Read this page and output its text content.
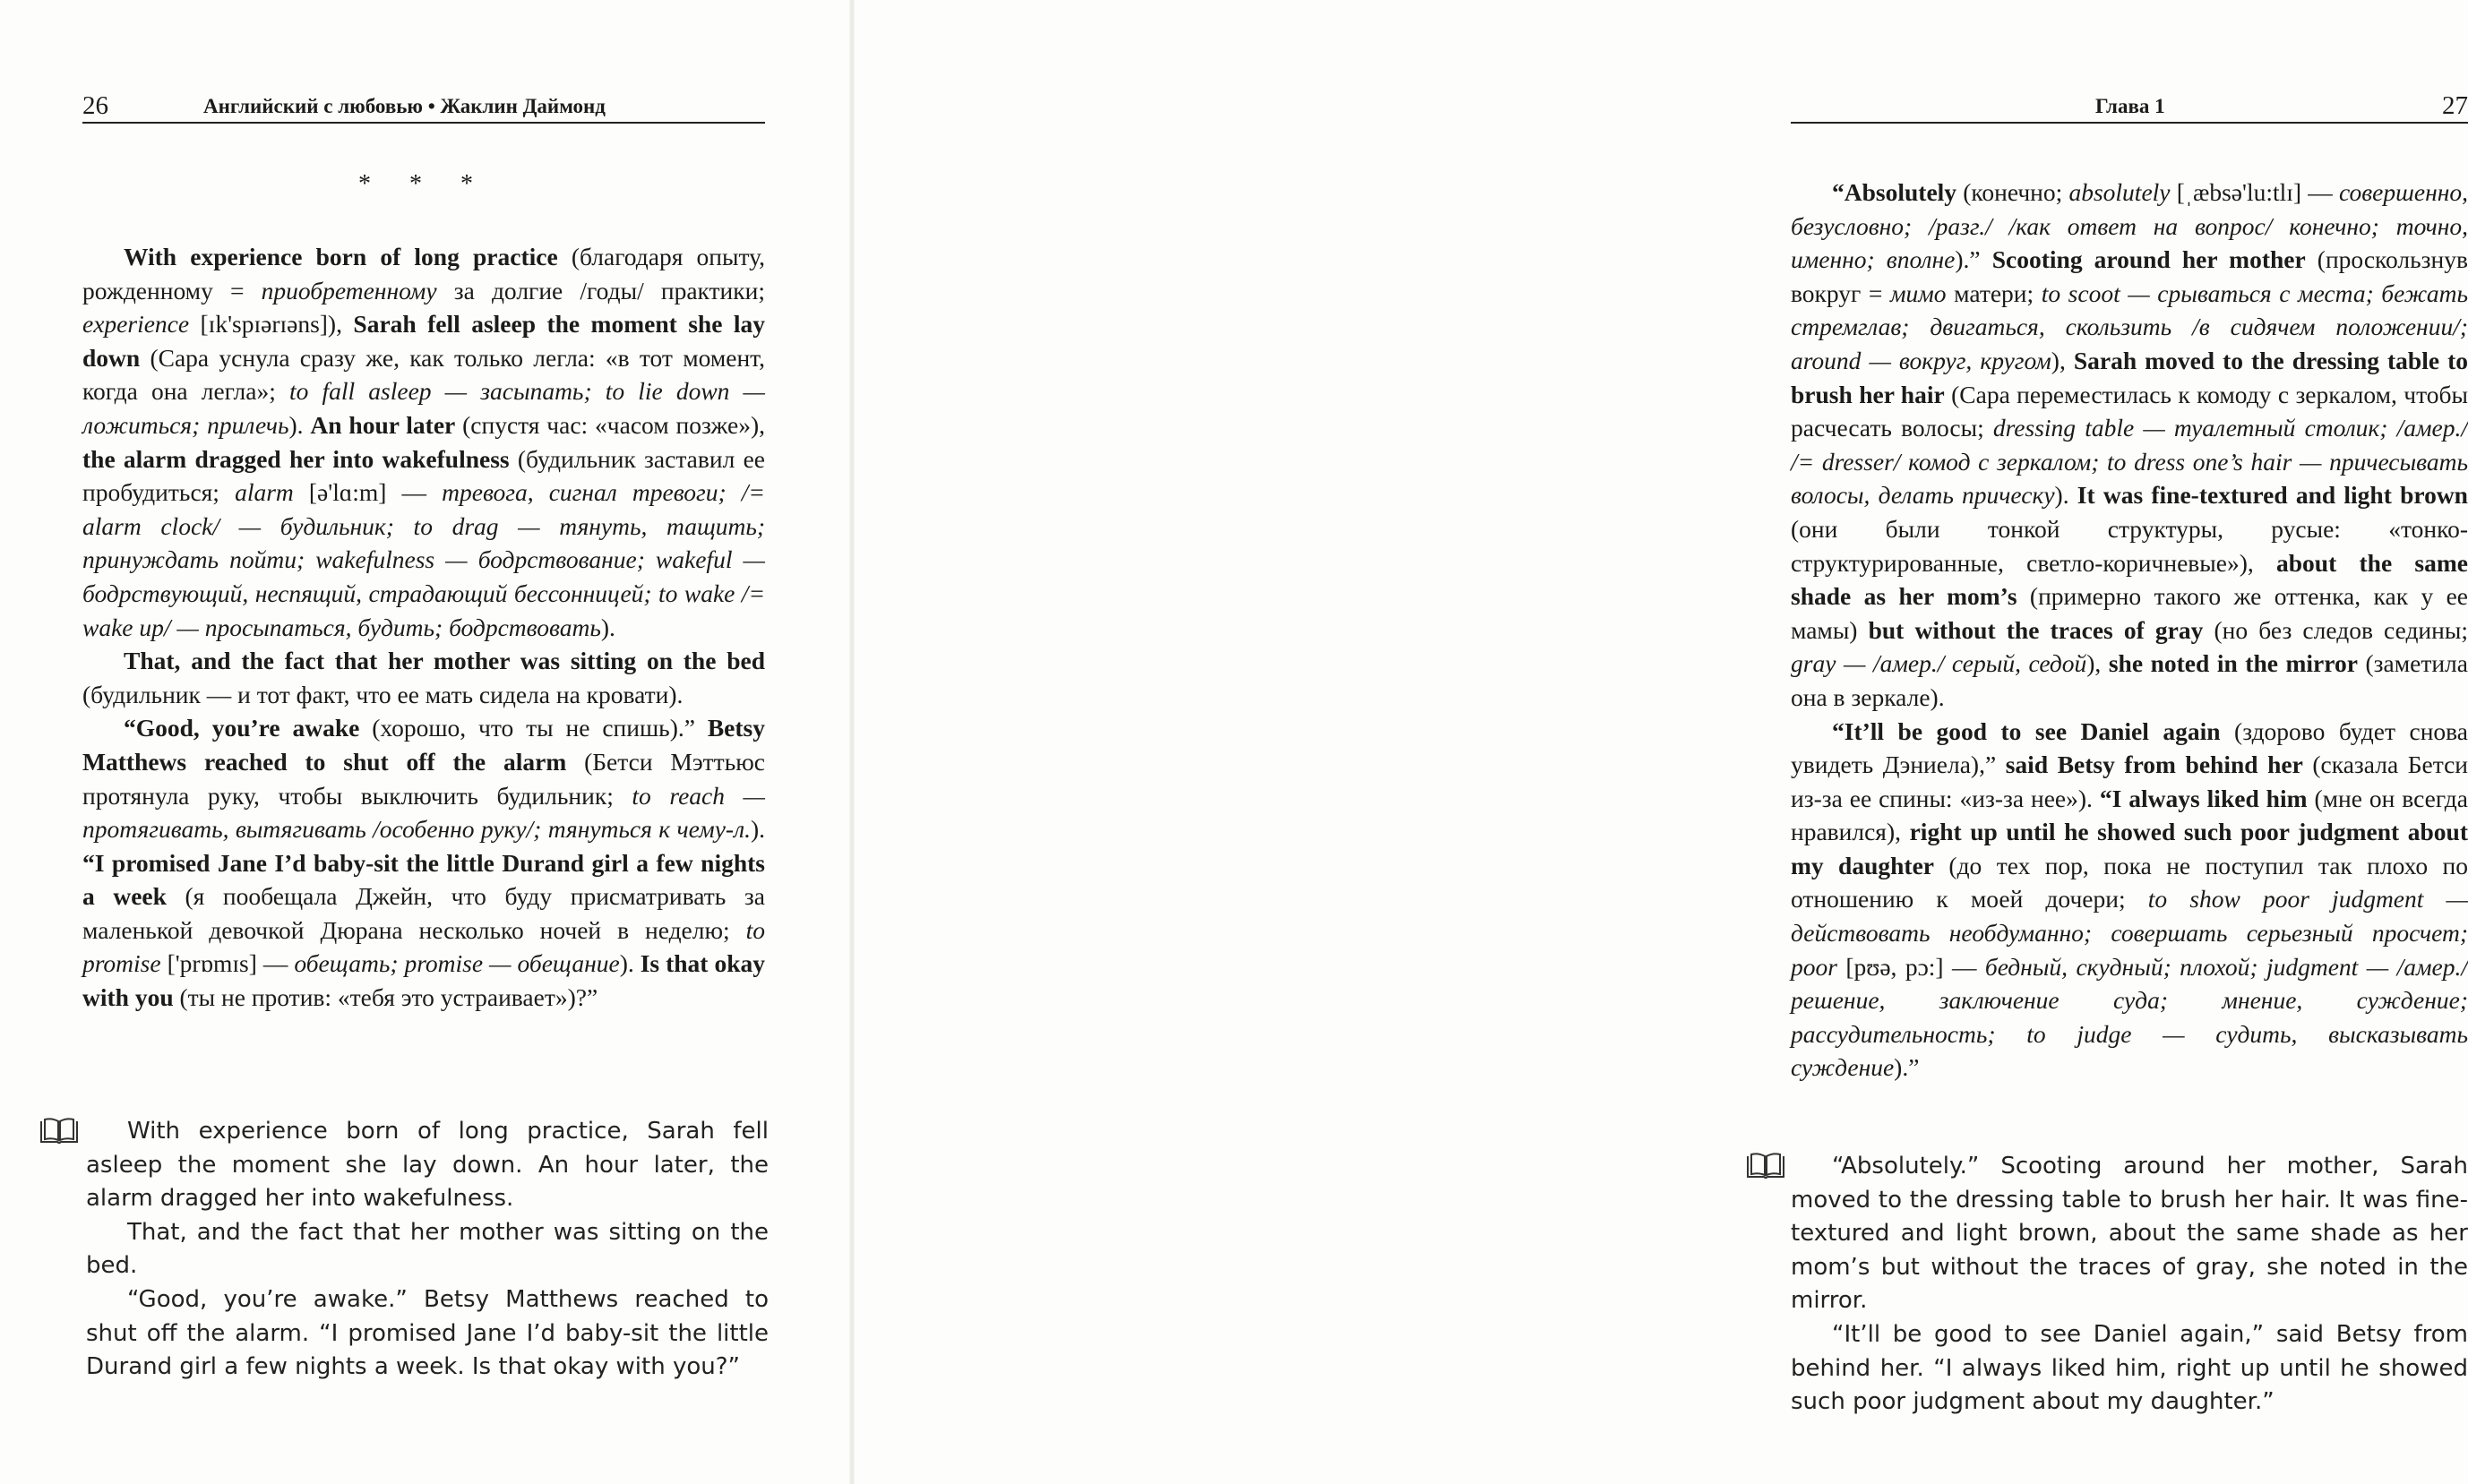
26	Английский с любовью • Жаклин Даймонд
* * *

With experience born of long practice (благодаря опыту, рожденному = приобретенному за долгие /годы/ практики; experience [ɪk'spɪərɪəns]), Sarah fell asleep the moment she lay down (Сара уснула сразу же, как только легла: «в тот момент, когда она легла»; to fall asleep — засыпать; to lie down — ложиться; прилечь). An hour later (спустя час: «часом позже»), the alarm dragged her into wakefulness (будильник заставил ее пробудиться; alarm [ə'lɑ:m] — тревога, сигнал тревоги; /= alarm clock/ — будильник; to drag — тянуть, тащить; принуждать пойти; wakefulness — бодрствование; wakeful — бодрствующий, неспящий, страдающий бессонницей; to wake /= wake up/ — просыпаться, будить; бодрствовать).

That, and the fact that her mother was sitting on the bed (будильник — и тот факт, что ее мать сидела на кровати).

“Good, you’re awake (хорошо, что ты не спишь).” Betsy Matthews reached to shut off the alarm (Бетси Мэттьюс протянула руку, чтобы выключить будильник; to reach — протягивать, вытягивать /особенно руку/; тянуться к чему-л.). “I promised Jane I’d baby-sit the little Durand girl a few nights a week (я пообещала Джейн, что буду присматривать за маленькой девочкой Дюрана несколько ночей в неделю; to promise ['prɒmɪs] — обещать; promise — обещание). Is that okay with you (ты не против: «тебя это устраивает»)?”

With experience born of long practice, Sarah fell asleep the moment she lay down. An hour later, the alarm dragged her into wakefulness.

That, and the fact that her mother was sitting on the bed.

“Good, you’re awake.” Betsy Matthews reached to shut off the alarm. “I promised Jane I’d baby-sit the little Durand girl a few nights a week. Is that okay with you?”

Глава 1	27

“Absolutely (конечно; absolutely [ˌæbsə'lu:tlɪ] — совершенно, безусловно; /разг./ /как ответ на вопрос/ конечно; точно, именно; вполне).” Scooting around her mother (проскользнув вокруг = мимо матери; to scoot — срываться с места; бежать стремглав; двигаться, скользить /в сидячем положении/; around — вокруг, кругом), Sarah moved to the dressing table to brush her hair (Сара переместилась к комоду с зеркалом, чтобы расчесать волосы; dressing table — туалетный столик; /амер./ /= dresser/ комод с зеркалом; to dress one’s hair — причесывать волосы, делать прическу). It was fine-textured and light brown (они были тонкой структуры, русые: «тонко-структурированные, светло-коричневые»), about the same shade as her mom’s (примерно такого же оттенка, как у ее мамы) but without the traces of gray (но без следов седины; gray — /амер./ серый, седой), she noted in the mirror (заметила она в зеркале).

“It’ll be good to see Daniel again (здорово будет снова увидеть Дэниела),” said Betsy from behind her (сказала Бетси из-за ее спины: «из-за нее»). “I always liked him (мне он всегда нравился), right up until he showed such poor judgment about my daughter (до тех пор, пока не поступил так плохо по отношению к моей дочери; to show poor judgment — действовать необдуманно; совершать серьезный просчет; poor [pʊə, pɔ:] — бедный, скудный; плохой; judgment — /амер./ решение, заключение суда; мнение, суждение; рассудительность; to judge — судить, высказывать суждение).”

“Absolutely.” Scooting around her mother, Sarah moved to the dressing table to brush her hair. It was fine-textured and light brown, about the same shade as her mom’s but without the traces of gray, she noted in the mirror.

“It’ll be good to see Daniel again,” said Betsy from behind her. “I always liked him, right up until he showed such poor judgment about my daughter.”
